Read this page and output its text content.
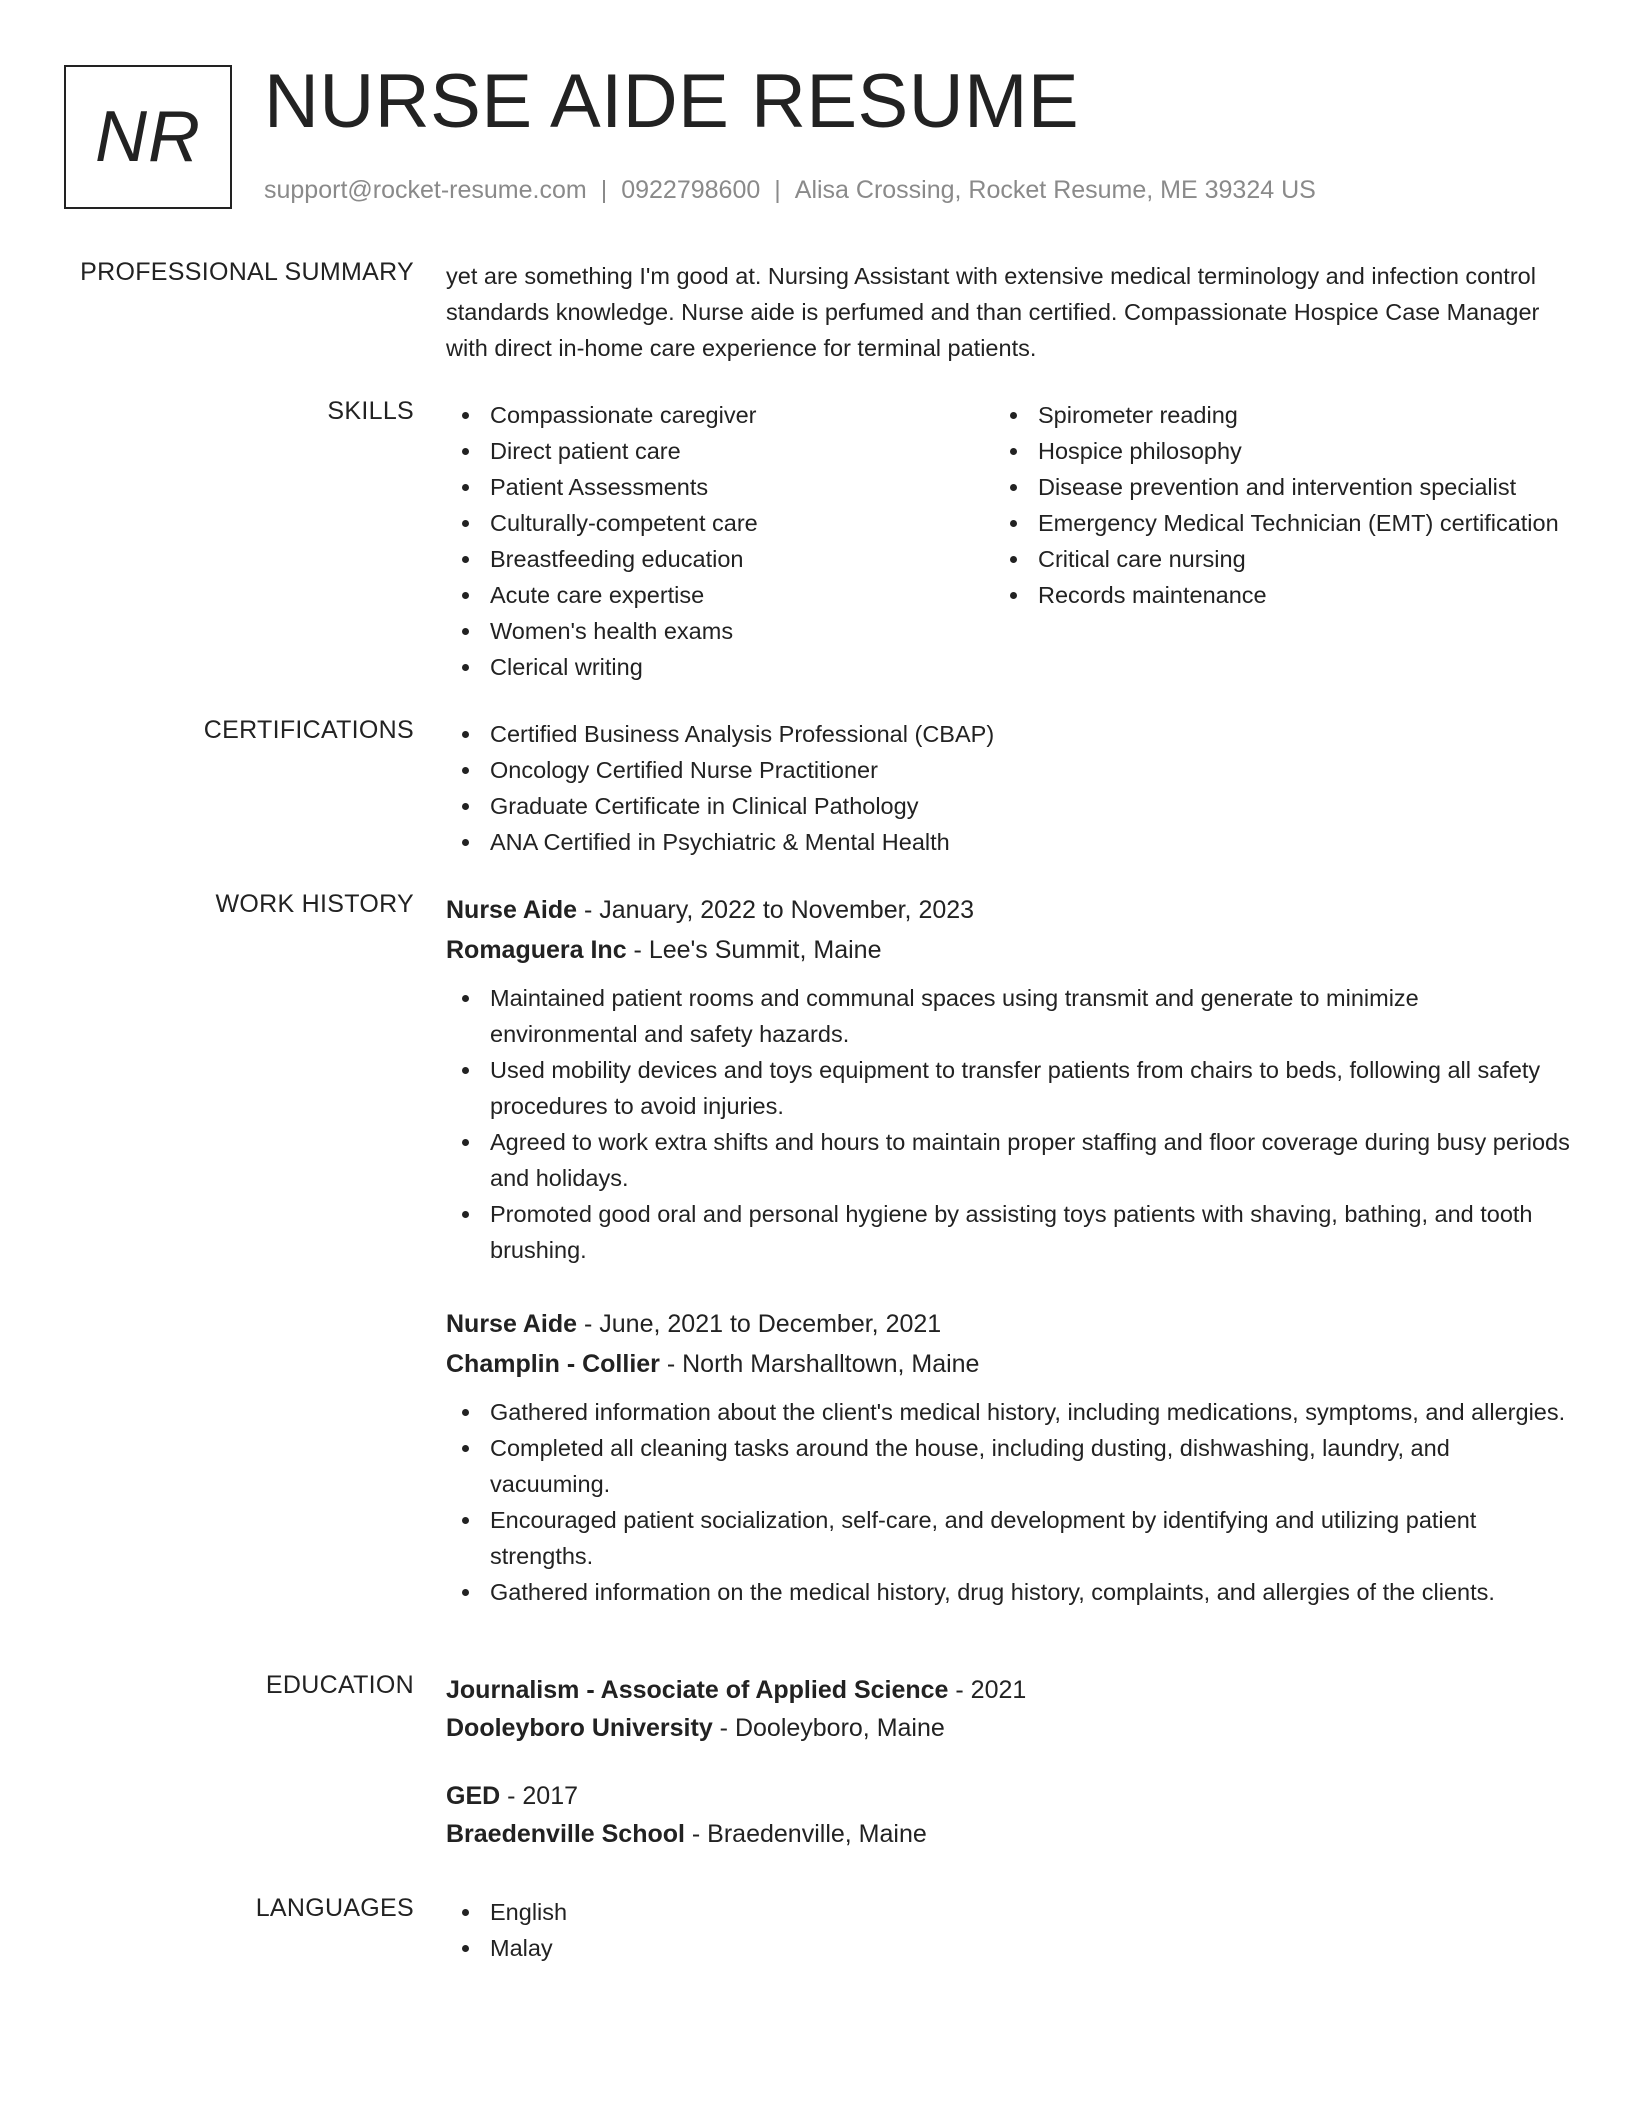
NR NURSE AIDE RESUME
support@rocket-resume.com | 0922798600 | Alisa Crossing, Rocket Resume, ME 39324 US
PROFESSIONAL SUMMARY yet are something I'm good at. Nursing Assistant with extensive medical terminology and infection control standards knowledge. Nurse aide is perfumed and than certified. Compassionate Hospice Case Manager with direct in-home care experience for terminal patients.
SKILLS	Compassionate caregiver
Direct patient care
Patient Assessments
Culturally-competent care
Breastfeeding education
Acute care expertise
Women's health exams
Clerical writing
Spirometer reading
Hospice philosophy
Disease prevention and intervention specialist
Emergency Medical Technician (EMT) certification
Critical care nursing
Records maintenance
CERTIFICATIONS	Certified Business Analysis Professional (CBAP)
Oncology Certified Nurse Practitioner
Graduate Certificate in Clinical Pathology
ANA Certified in Psychiatric & Mental Health
WORK HISTORY Nurse Aide - January, 2022 to November, 2023
Romaguera Inc - Lee's Summit, Maine
Maintained patient rooms and communal spaces using transmit and generate to minimize environmental and safety hazards.
Used mobility devices and toys equipment to transfer patients from chairs to beds, following all safety procedures to avoid injuries.
Agreed to work extra shifts and hours to maintain proper staffing and floor coverage during busy periods and holidays.
Promoted good oral and personal hygiene by assisting toys patients with shaving, bathing, and tooth brushing.
Nurse Aide - June, 2021 to December, 2021
Champlin - Collier - North Marshalltown, Maine
Gathered information about the client's medical history, including medications, symptoms, and allergies.
Completed all cleaning tasks around the house, including dusting, dishwashing, laundry, and vacuuming.
Encouraged patient socialization, self-care, and development by identifying and utilizing patient strengths.
Gathered information on the medical history, drug history, complaints, and allergies of the clients.
EDUCATION Journalism - Associate of Applied Science - 2021
Dooleyboro University - Dooleyboro, Maine
GED - 2017
Braedenville School - Braedenville, Maine
LANGUAGES	English
Malay
